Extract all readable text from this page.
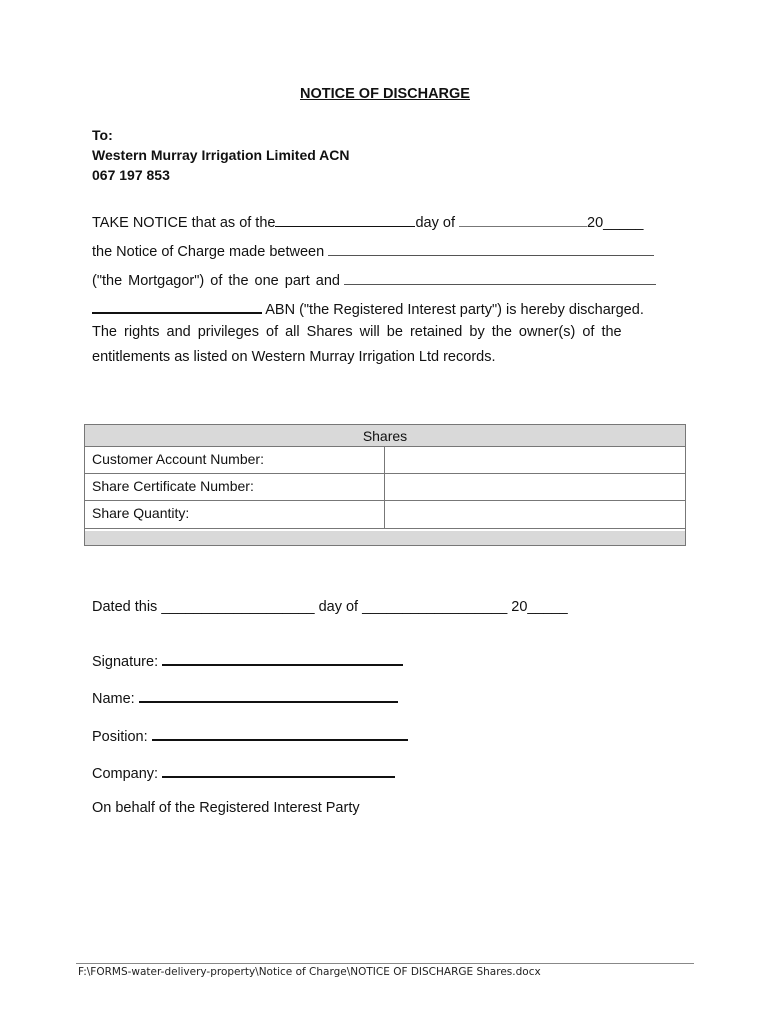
NOTICE OF DISCHARGE
To:
Western Murray Irrigation Limited ACN
067 197 853
TAKE NOTICE that as of the	day of	20_____
the Notice of Charge made between
("the Mortgagor") of the one part and
ABN ("the Registered Interest party") is hereby discharged.
The rights and privileges of all Shares will be retained by the owner(s) of the
entitlements as listed on Western Murray Irrigation Ltd records.
Shares
Customer Account Number:
Share Certificate Number:
Share Quantity:
Dated this ___________________ day of __________________ 20_____
Signature:
Name:
Position:
Company:
On behalf of the Registered Interest Party
F:\FORMS-water-delivery-property\Notice of Charge\NOTICE OF DISCHARGE Shares.docx
